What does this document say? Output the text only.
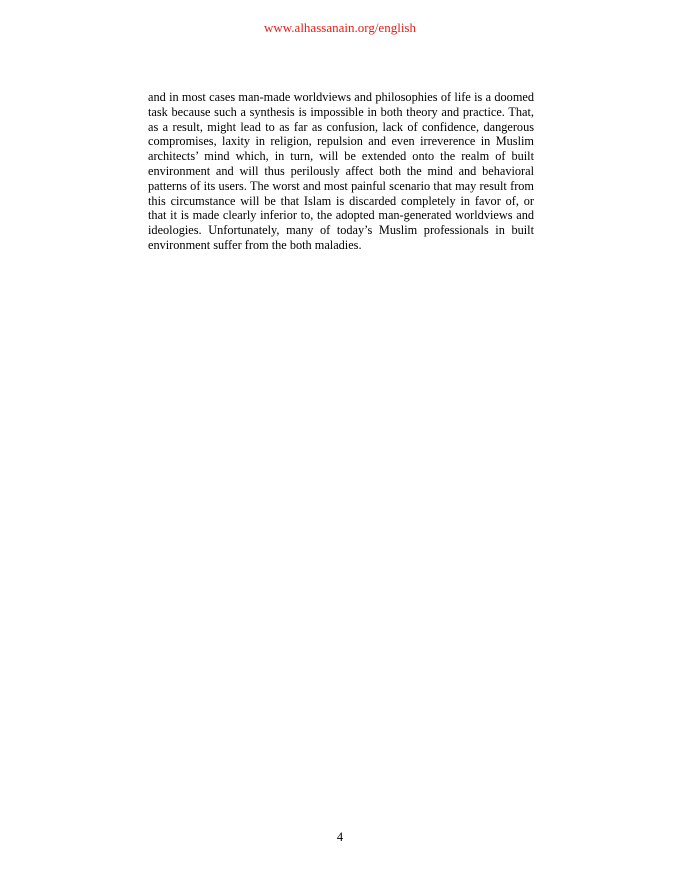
www.alhassanain.org/english

and in most cases man-made worldviews and philosophies of life is a doomed task because such a synthesis is impossible in both theory and practice. That, as a result, might lead to as far as confusion, lack of confidence, dangerous compromises, laxity in religion, repulsion and even irreverence in Muslim architects’ mind which, in turn, will be extended onto the realm of built environment and will thus perilously affect both the mind and behavioral patterns of its users. The worst and most painful scenario that may result from this circumstance will be that Islam is discarded completely in favor of, or that it is made clearly inferior to, the adopted man-generated worldviews and ideologies. Unfortunately, many of today’s Muslim professionals in built environment suffer from the both maladies.

4
